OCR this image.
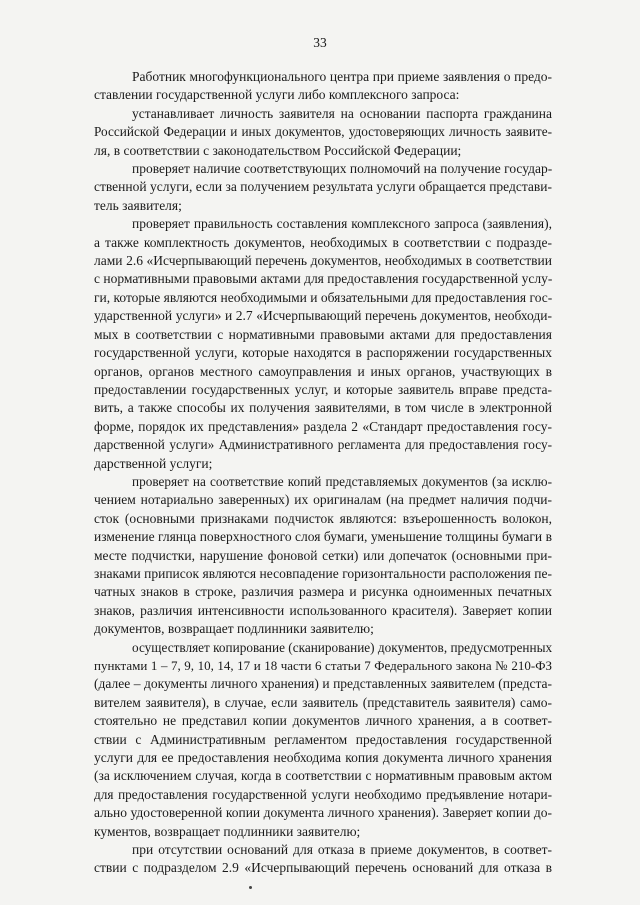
33
Работник многофункционального центра при приеме заявления о предо-
ставлении государственной услуги либо комплексного запроса:
устанавливает личность заявителя на основании паспорта гражданина
Российской Федерации и иных документов, удостоверяющих личность заявите-
ля, в соответствии с законодательством Российской Федерации;
проверяет наличие соответствующих полномочий на получение государ-
ственной услуги, если за получением результата услуги обращается представи-
тель заявителя;
проверяет правильность составления комплексного запроса (заявления),
а также комплектность документов, необходимых в соответствии с подразде-
лами 2.6 «Исчерпывающий перечень документов, необходимых в соответствии
с нормативными правовыми актами для предоставления государственной услу-
ги, которые являются необходимыми и обязательными для предоставления гос-
ударственной услуги» и 2.7 «Исчерпывающий перечень документов, необходи-
мых в соответствии с нормативными правовыми актами для предоставления
государственной услуги, которые находятся в распоряжении государственных
органов, органов местного самоуправления и иных органов, участвующих в
предоставлении государственных услуг, и которые заявитель вправе предста-
вить, а также способы их получения заявителями, в том числе в электронной
форме, порядок их представления» раздела 2 «Стандарт предоставления госу-
дарственной услуги» Административного регламента для предоставления госу-
дарственной услуги;
проверяет на соответствие копий представляемых документов (за исклю-
чением нотариально заверенных) их оригиналам (на предмет наличия подчи-
сток (основными признаками подчисток являются: взъерошенность волокон,
изменение глянца поверхностного слоя бумаги, уменьшение толщины бумаги в
месте подчистки, нарушение фоновой сетки) или допечаток (основными при-
знаками приписок являются несовпадение горизонтальности расположения пе-
чатных знаков в строке, различия размера и рисунка одноименных печатных
знаков, различия интенсивности использованного красителя). Заверяет копии
документов, возвращает подлинники заявителю;
осуществляет копирование (сканирование) документов, предусмотренных
пунктами 1 – 7, 9, 10, 14, 17 и 18 части 6 статьи 7 Федерального закона № 210-ФЗ
(далее – документы личного хранения) и представленных заявителем (предста-
вителем заявителя), в случае, если заявитель (представитель заявителя) само-
стоятельно не представил копии документов личного хранения, а в соответ-
ствии с Административным регламентом предоставления государственной
услуги для ее предоставления необходима копия документа личного хранения
(за исключением случая, когда в соответствии с нормативным правовым актом
для предоставления государственной услуги необходимо предъявление нотари-
ально удостоверенной копии документа личного хранения). Заверяет копии до-
кументов, возвращает подлинники заявителю;
при отсутствии оснований для отказа в приеме документов, в соответ-
ствии с подразделом 2.9 «Исчерпывающий перечень оснований для отказа в
